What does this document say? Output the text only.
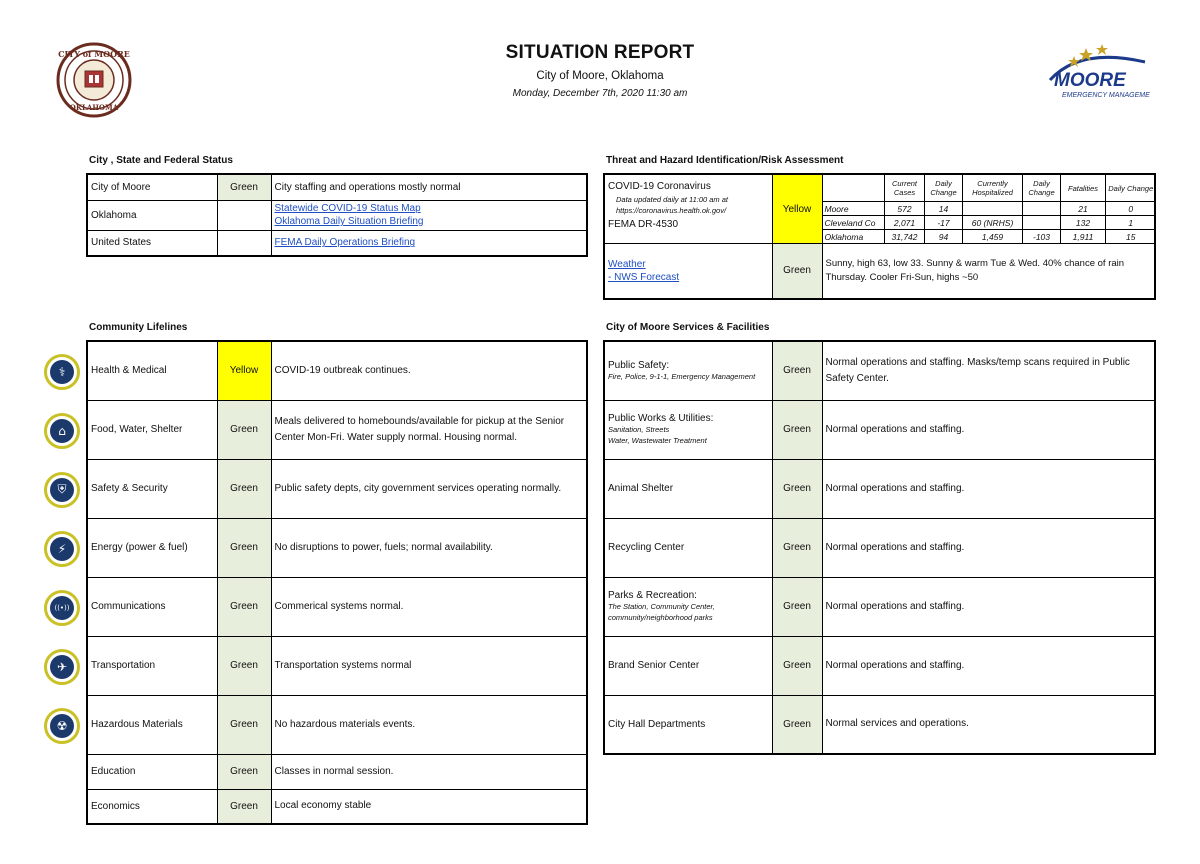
CITY of MOORE
OKLAHOMA
MOORE
EMERGENCY MANAGEMENT
SITUATION REPORT
City of Moore, Oklahoma
Monday, December 7th, 2020 11:30 am
City , State and Federal Status
City of Moore	Green	City staffing and operations mostly normal
Oklahoma		Statewide COVID-19 Status Map
Oklahoma Daily Situation Briefing

United States		FEMA Daily Operations Briefing
Threat and Hazard Identification/Risk Assessment
COVID-19 Coronavirus
Data updated daily at 11:00 am at
https://coronavirus.health.ok.gov/
FEMA DR-4530
	Yellow	
	Current Cases	Daily Change	Currently Hospitalized	Daily Change	Fatalities	Daily Change
Moore	572	14			21	0
Cleveland Co	2,071	-17	60 (NRHS)		132	1
Oklahoma	31,742	94	1,459	-103	1,911	15

Weather
- NWS Forecast
	Green	Sunny, high 63, low 33. Sunny & warm Tue & Wed. 40% chance of rain Thursday. Cooler Fri-Sun, highs ~50
Community Lifelines
Health & Medical	Yellow	COVID-19 outbreak continues.
Food, Water, Shelter	Green	Meals delivered to homebounds/available for pickup at the Senior Center Mon-Fri. Water supply normal. Housing normal.
Safety & Security	Green	Public safety depts, city government services operating normally.
Energy (power & fuel)	Green	No disruptions to power, fuels; normal availability.
Communications	Green	Commerical systems normal.
Transportation	Green	Transportation systems normal
Hazardous Materials	Green	No hazardous materials events.
Education	Green	Classes in normal session.
Economics	Green	Local economy stable
City of Moore Services & Facilities
Public Safety:
Fire, Police, 9-1-1, Emergency Management	Green	Normal operations and staffing. Masks/temp scans required in Public Safety Center.

Public Works & Utilities:
Sanitation, Streets
Water, Wastewater Treatment	Green	Normal operations and staffing.

Animal Shelter	Green	Normal operations and staffing.

Recycling Center	Green	Normal operations and staffing.

Parks & Recreation:
The Station, Community Center,
community/neighborhood parks	Green	Normal operations and staffing.

Brand Senior Center	Green	Normal operations and staffing.

City Hall Departments	Green	Normal services and operations.
⚕
⌂
⛨
⚡
((•))
✈
☢
